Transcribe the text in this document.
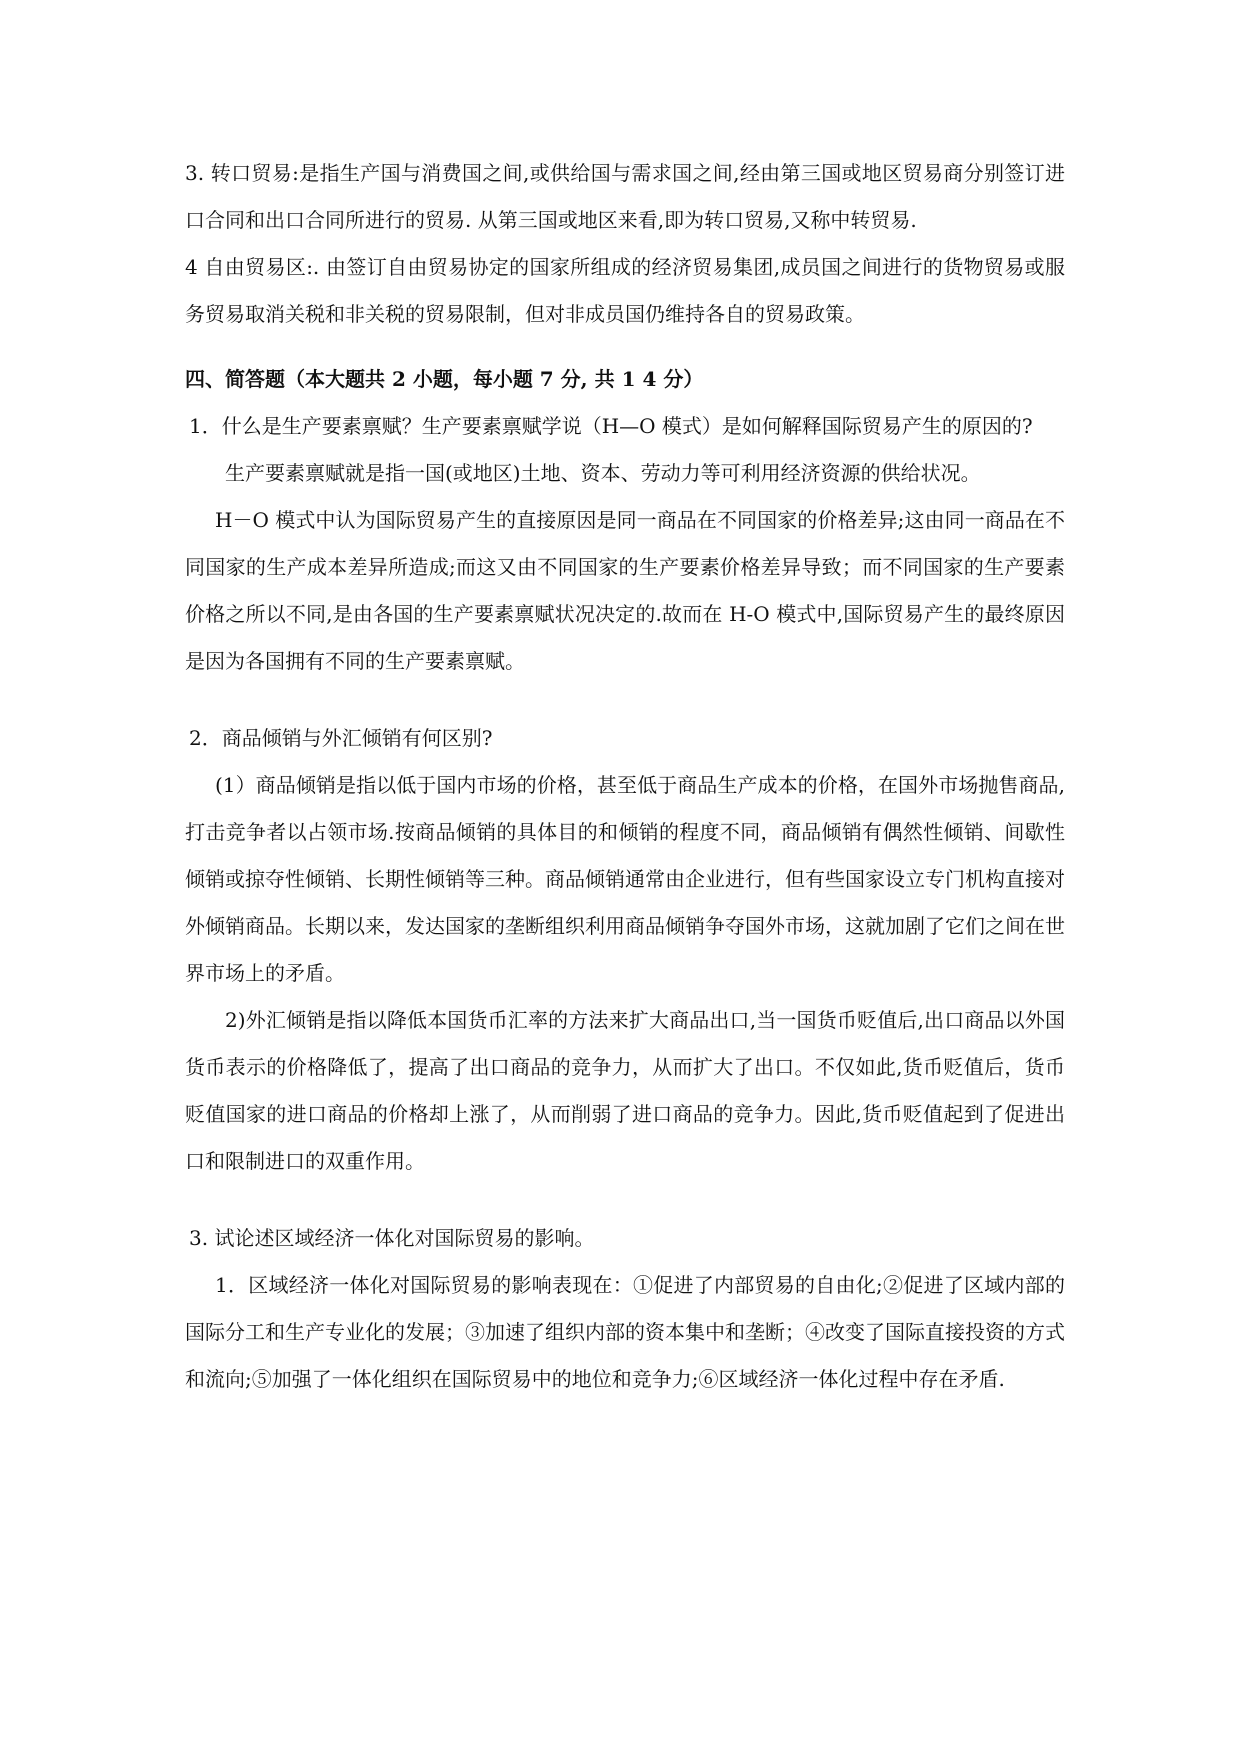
3. 转口贸易:是指生产国与消费国之间,或供给国与需求国之间,经由第三国或地区贸易商分别签订进口合同和出口合同所进行的贸易. 从第三国或地区来看,即为转口贸易,又称中转贸易.

4 自由贸易区:. 由签订自由贸易协定的国家所组成的经济贸易集团,成员国之间进行的货物贸易或服务贸易取消关税和非关税的贸易限制，但对非成员国仍维持各自的贸易政策。

四、简答题（本大题共 2 小题，每小题 7 分, 共 1 4 分）

1．什么是生产要素禀赋？生产要素禀赋学说（H—O 模式）是如何解释国际贸易产生的原因的?

生产要素禀赋就是指一国(或地区)土地、资本、劳动力等可利用经济资源的供给状况。

H－O 模式中认为国际贸易产生的直接原因是同一商品在不同国家的价格差异;这由同一商品在不同国家的生产成本差异所造成;而这又由不同国家的生产要素价格差异导致；而不同国家的生产要素价格之所以不同,是由各国的生产要素禀赋状况决定的.故而在 H-O 模式中,国际贸易产生的最终原因是因为各国拥有不同的生产要素禀赋。

2．商品倾销与外汇倾销有何区别?

(1）商品倾销是指以低于国内市场的价格，甚至低于商品生产成本的价格，在国外市场抛售商品,打击竞争者以占领市场.按商品倾销的具体目的和倾销的程度不同，商品倾销有偶然性倾销、间歇性倾销或掠夺性倾销、长期性倾销等三种。商品倾销通常由企业进行，但有些国家设立专门机构直接对外倾销商品。长期以来，发达国家的垄断组织利用商品倾销争夺国外市场，这就加剧了它们之间在世界市场上的矛盾。

2)外汇倾销是指以降低本国货币汇率的方法来扩大商品出口,当一国货币贬值后,出口商品以外国货币表示的价格降低了，提高了出口商品的竞争力，从而扩大了出口。不仅如此,货币贬值后，货币贬值国家的进口商品的价格却上涨了，从而削弱了进口商品的竞争力。因此,货币贬值起到了促进出口和限制进口的双重作用。

3. 试论述区域经济一体化对国际贸易的影响。

1．区域经济一体化对国际贸易的影响表现在：①促进了内部贸易的自由化;②促进了区域内部的国际分工和生产专业化的发展；③加速了组织内部的资本集中和垄断；④改变了国际直接投资的方式和流向;⑤加强了一体化组织在国际贸易中的地位和竞争力;⑥区域经济一体化过程中存在矛盾.
